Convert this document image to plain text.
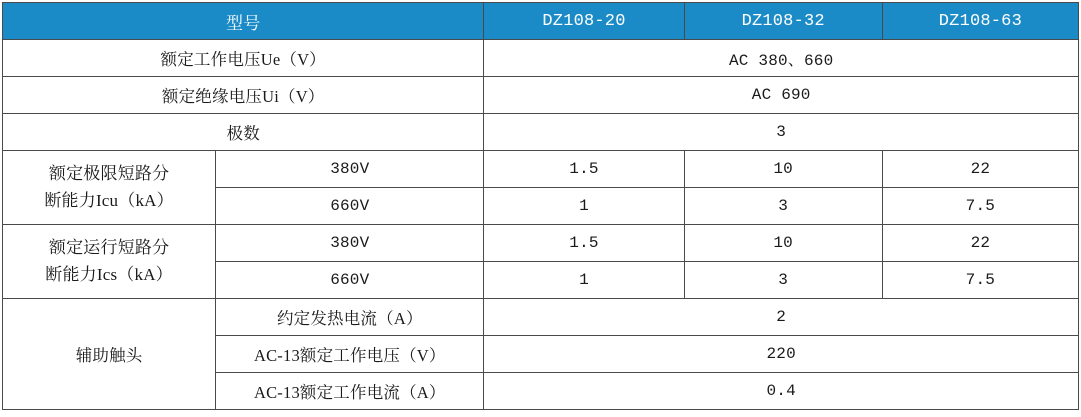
型号		DZ108-20	DZ108-32	DZ108-63
额定工作电压Ue（V）		AC 380、660		
额定绝缘电压Ui（V）		AC 690		
极数		3		

额定极限短路分
断能力Icu（kA）	380V	1.5	10	22
	660V	1	3	7.5

额定运行短路分
断能力Ics（kA）	380V	1.5	10	22
	660V	1	3	7.5
辅助触头	约定发热电流（A）	2		
	AC-13额定工作电压（V）	220		
	AC-13额定工作电流（A）	0.4		
